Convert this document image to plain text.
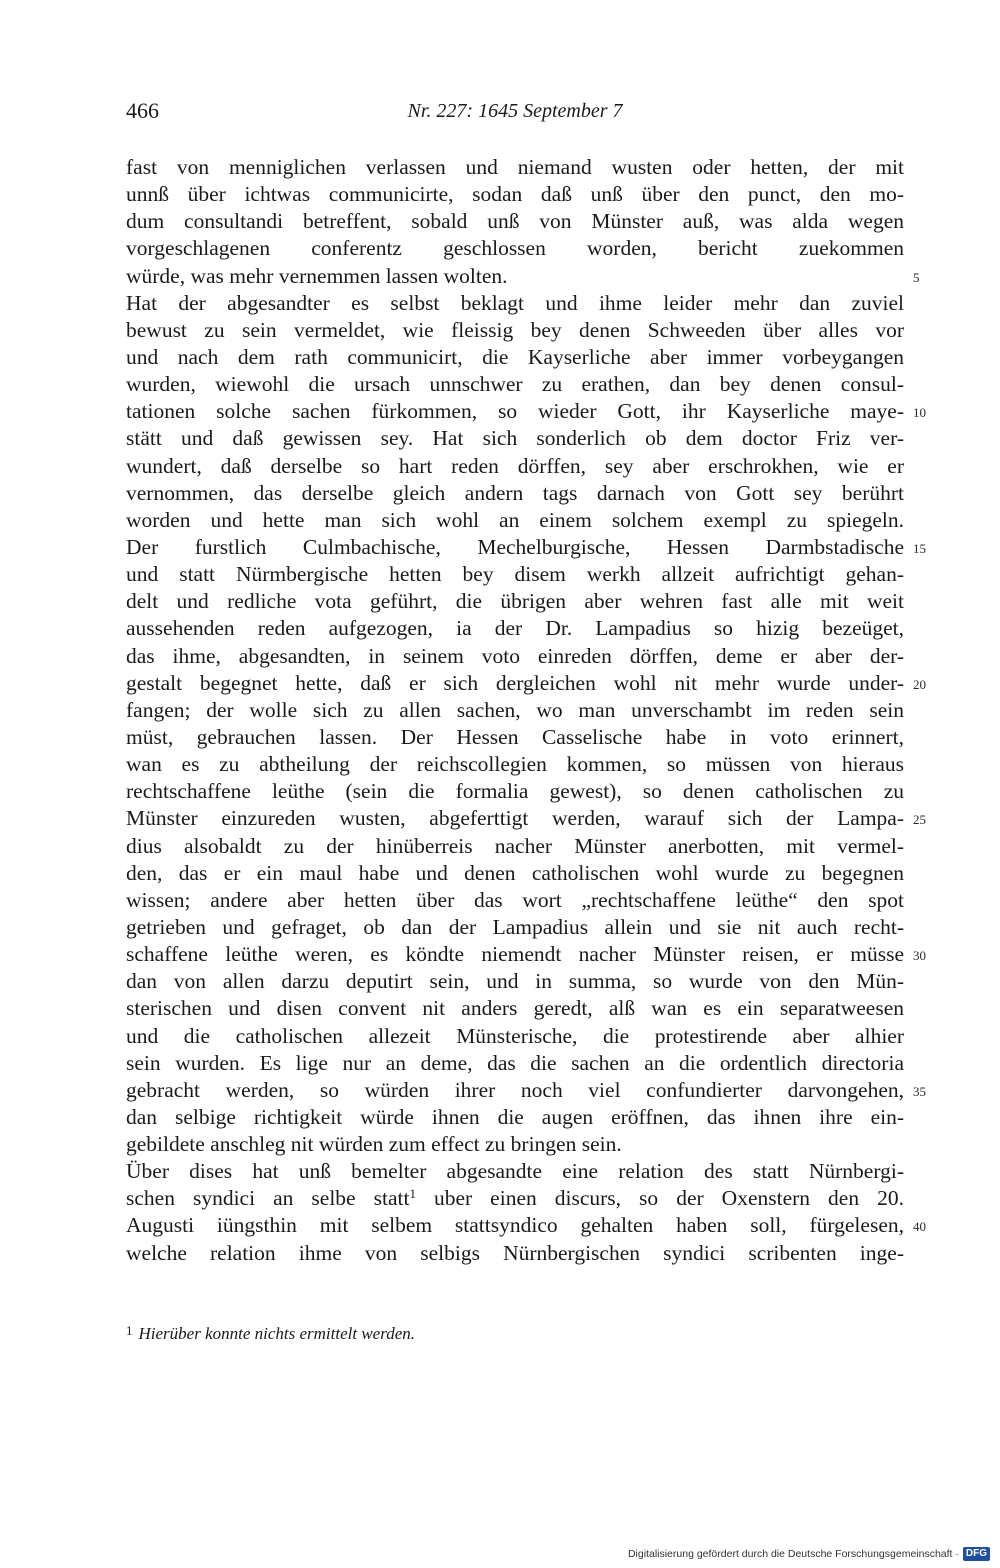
466	Nr. 227: 1645 September 7
fast von menniglichen verlassen und niemand wusten oder hetten, der mit
unnß über ichtwas communicirte, sodan daß unß über den punct, den mo-
dum consultandi betreffent, sobald unß von Münster auß, was alda wegen
vorgeschlagenen conferentz geschlossen worden, bericht zuekommen
würde, was mehr vernemmen lassen wolten.	5
Hat der abgesandter es selbst beklagt und ihme leider mehr dan zuviel
bewust zu sein vermeldet, wie fleissig bey denen Schweeden über alles vor
und nach dem rath communicirt, die Kayserliche aber immer vorbeygangen
wurden, wiewohl die ursach unnschwer zu erathen, dan bey denen consul-
tationen solche sachen fürkommen, so wieder Gott, ihr Kayserliche maye- 10
stätt und daß gewissen sey. Hat sich sonderlich ob dem doctor Friz ver-
wundert, daß derselbe so hart reden dörffen, sey aber erschrokhen, wie er
vernommen, das derselbe gleich andern tags darnach von Gott sey berührt
worden und hette man sich wohl an einem solchem exempl zu spiegeln.
Der furstlich Culmbachische, Mechelburgische, Hessen Darmbstadische 15
und statt Nürmbergische hetten bey disem werkh allzeit aufrichtigt gehan-
delt und redliche vota geführt, die übrigen aber wehren fast alle mit weit
aussehenden reden aufgezogen, ia der Dr. Lampadius so hizig bezeüget,
das ihme, abgesandten, in seinem voto einreden dörffen, deme er aber der-
gestalt begegnet hette, daß er sich dergleichen wohl nit mehr wurde under- 20
fangen; der wolle sich zu allen sachen, wo man unverschambt im reden sein
müst, gebrauchen lassen. Der Hessen Casselische habe in voto erinnert,
wan es zu abtheilung der reichscollegien kommen, so müssen von hieraus
rechtschaffene leüthe (sein die formalia gewest), so denen catholischen zu
Münster einzureden wusten, abgeferttigt werden, warauf sich der Lampa- 25
dius alsobaldt zu der hinüberreis nacher Münster anerbotten, mit vermel-
den, das er ein maul habe und denen catholischen wohl wurde zu begegnen
wissen; andere aber hetten über das wort „rechtschaffene leüthe“ den spot
getrieben und gefraget, ob dan der Lampadius allein und sie nit auch recht-
schaffene leüthe weren, es köndte niemendt nacher Münster reisen, er müsse 30
dan von allen darzu deputirt sein, und in summa, so wurde von den Mün-
sterischen und disen convent nit anders geredt, alß wan es ein separatweesen
und die catholischen allezeit Münsterische, die protestirende aber alhier
sein wurden. Es lige nur an deme, das die sachen an die ordentlich directoria
gebracht werden, so würden ihrer noch viel confundierter darvongehen, 35
dan selbige richtigkeit würde ihnen die augen eröffnen, das ihnen ihre ein-
gebildete anschleg nit würden zum effect zu bringen sein.
Über dises hat unß bemelter abgesandte eine relation des statt Nürnbergi-
schen syndici an selbe statt$^1$ uber einen discurs, so der Oxenstern den 20.
Augusti iüngsthin mit selbem stattsyndico gehalten haben soll, fürgelesen, 40
welche relation ihme von selbigs Nürnbergischen syndici scribenten inge-
$^1$ Hierüber konnte nichts ermittelt werden.
Digitalisierung gefördert durch die Deutsche Forschungsgemeinschaft · DFG
